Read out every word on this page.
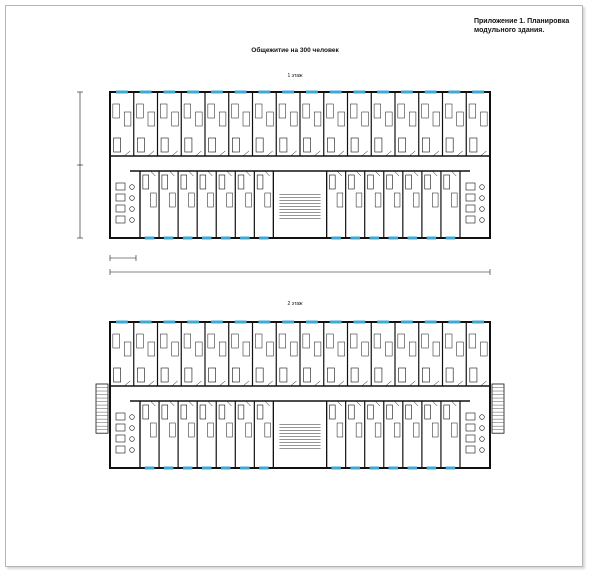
Приложение 1. Планировка
модульного здания.
Общежитие на 300 человек
1 этаж
2 этаж
